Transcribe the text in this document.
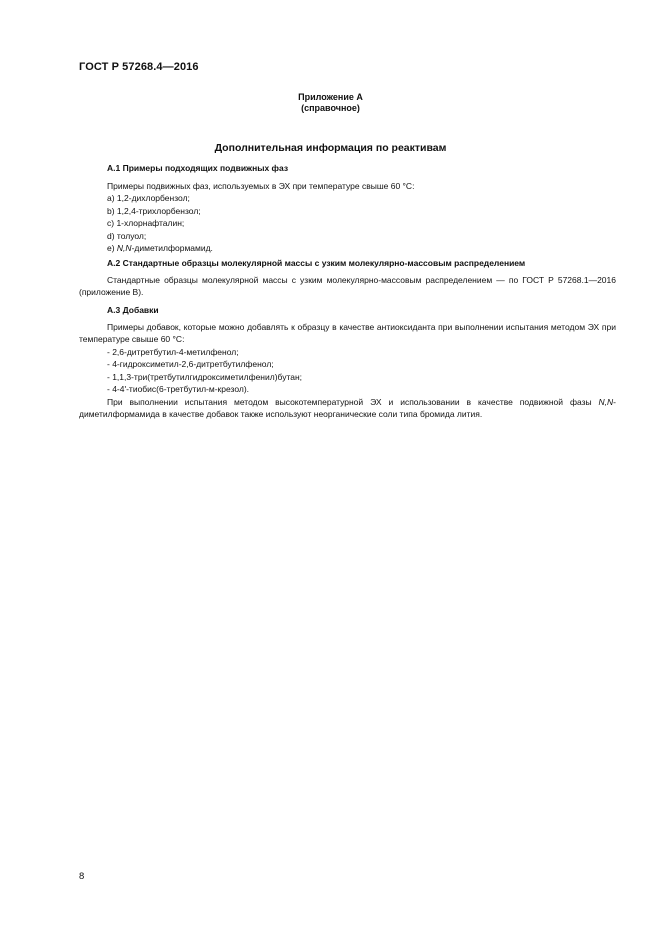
ГОСТ Р 57268.4—2016
Приложение А
(справочное)
Дополнительная информация по реактивам
А.1 Примеры подходящих подвижных фаз
Примеры подвижных фаз, используемых в ЭХ при температуре свыше 60 °С:
а) 1,2-дихлорбензол;
b) 1,2,4-трихлорбензол;
с) 1-хлорнафталин;
d) толуол;
е) N,N-диметилформамид.
А.2 Стандартные образцы молекулярной массы с узким молекулярно-массовым распределением
Стандартные образцы молекулярной массы с узким молекулярно-массовым распределением — по ГОСТ Р 57268.1—2016 (приложение В).
А.3 Добавки
Примеры добавок, которые можно добавлять к образцу в качестве антиоксиданта при выполнении испытания методом ЭХ при температуре свыше 60 °С:
- 2,6-дитретбутил-4-метилфенол;
- 4-гидроксиметил-2,6-дитретбутилфенол;
- 1,1,3-три(третбутилгидроксиметилфенил)бутан;
- 4-4'-тиобис(6-третбутил-м-крезол).
При выполнении испытания методом высокотемпературной ЭХ и использовании в качестве подвижной фазы N,N-диметилформамида в качестве добавок также используют неорганические соли типа бромида лития.
8
